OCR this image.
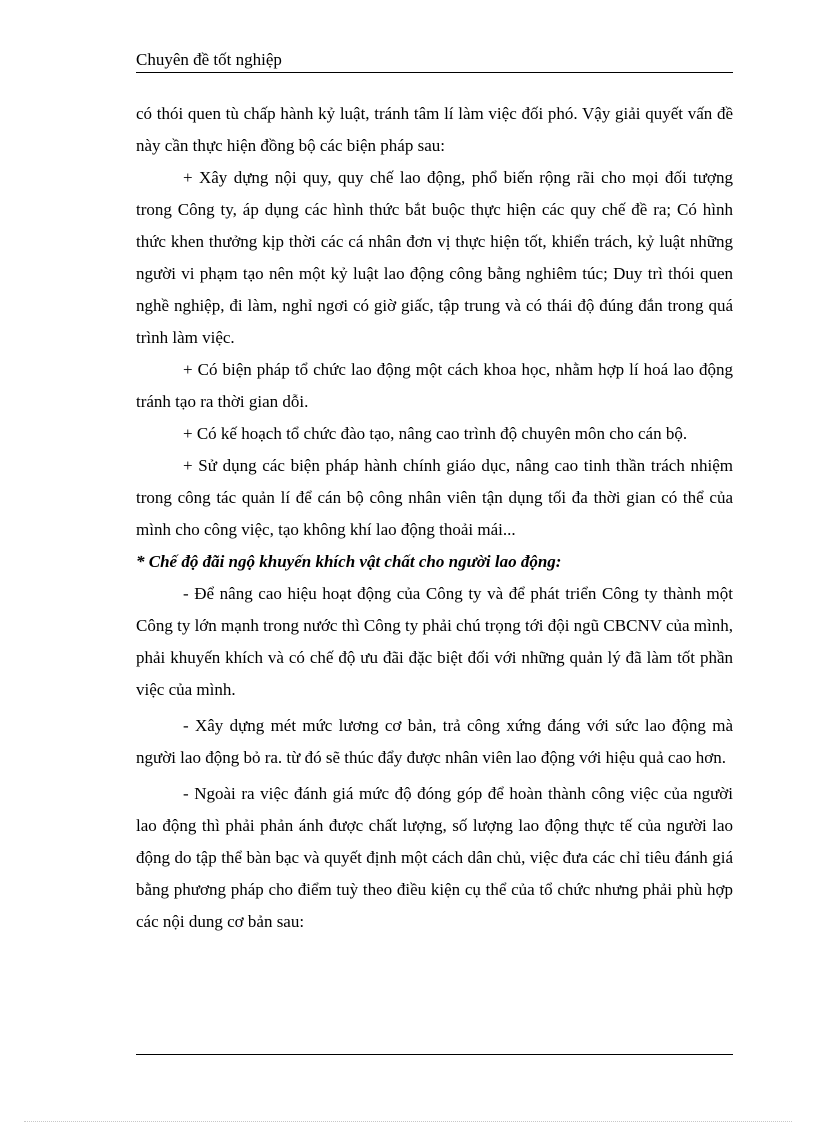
Chuyên đề tốt nghiệp

có thói quen tù chấp hành kỷ luật, tránh tâm lí làm việc đối phó. Vậy giải quyết vấn đề này cần thực hiện đồng bộ các biện pháp sau:

+ Xây dựng nội quy, quy chế lao động, phổ biến rộng rãi cho mọi đối tượng trong Công ty, áp dụng các hình thức bắt buộc thực hiện các quy chế đề ra; Có hình thức khen thưởng kịp thời các cá nhân đơn vị thực hiện tốt, khiển trách, kỷ luật những người vi phạm tạo nên một kỷ luật lao động công bằng nghiêm túc; Duy trì thói quen nghề nghiệp, đi làm, nghỉ ngơi có giờ giấc, tập trung và có thái độ đúng đắn trong quá trình làm việc.

+ Có biện pháp tổ chức lao động một cách khoa học, nhằm hợp lí hoá lao động tránh tạo ra thời gian dỗi.

+ Có kế hoạch tổ chức đào tạo, nâng cao trình độ chuyên môn cho cán bộ.

+ Sử dụng các biện pháp hành chính giáo dục, nâng cao tinh thần trách nhiệm trong công tác quản lí để cán bộ công nhân viên tận dụng tối đa thời gian có thể của mình cho công việc, tạo không khí lao động thoải mái...

* Chế độ đãi ngộ khuyến khích vật chất cho người lao động:

- Để nâng cao hiệu hoạt động của Công ty và để phát triển Công ty thành một Công ty lớn mạnh trong nước thì Công ty phải chú trọng tới đội ngũ CBCNV của mình, phải khuyến khích và có chế độ ưu đãi đặc biệt đối với những quản lý đã làm tốt phần việc của mình.

- Xây dựng mét mức lương cơ bản, trả công xứng đáng với sức lao động mà người lao động bỏ ra. từ đó sẽ thúc đẩy được nhân viên lao động với hiệu quả cao hơn.

- Ngoài ra việc đánh giá mức độ đóng góp để hoàn thành công việc của người lao động thì phải phản ánh được chất lượng, số lượng lao động thực tế của người lao động do tập thể bàn bạc và quyết định một cách dân chủ, việc đưa các chỉ tiêu đánh giá bằng phương pháp cho điểm tuỳ theo điều kiện cụ thể của tổ chức nhưng phải phù hợp các nội dung cơ bản sau:
